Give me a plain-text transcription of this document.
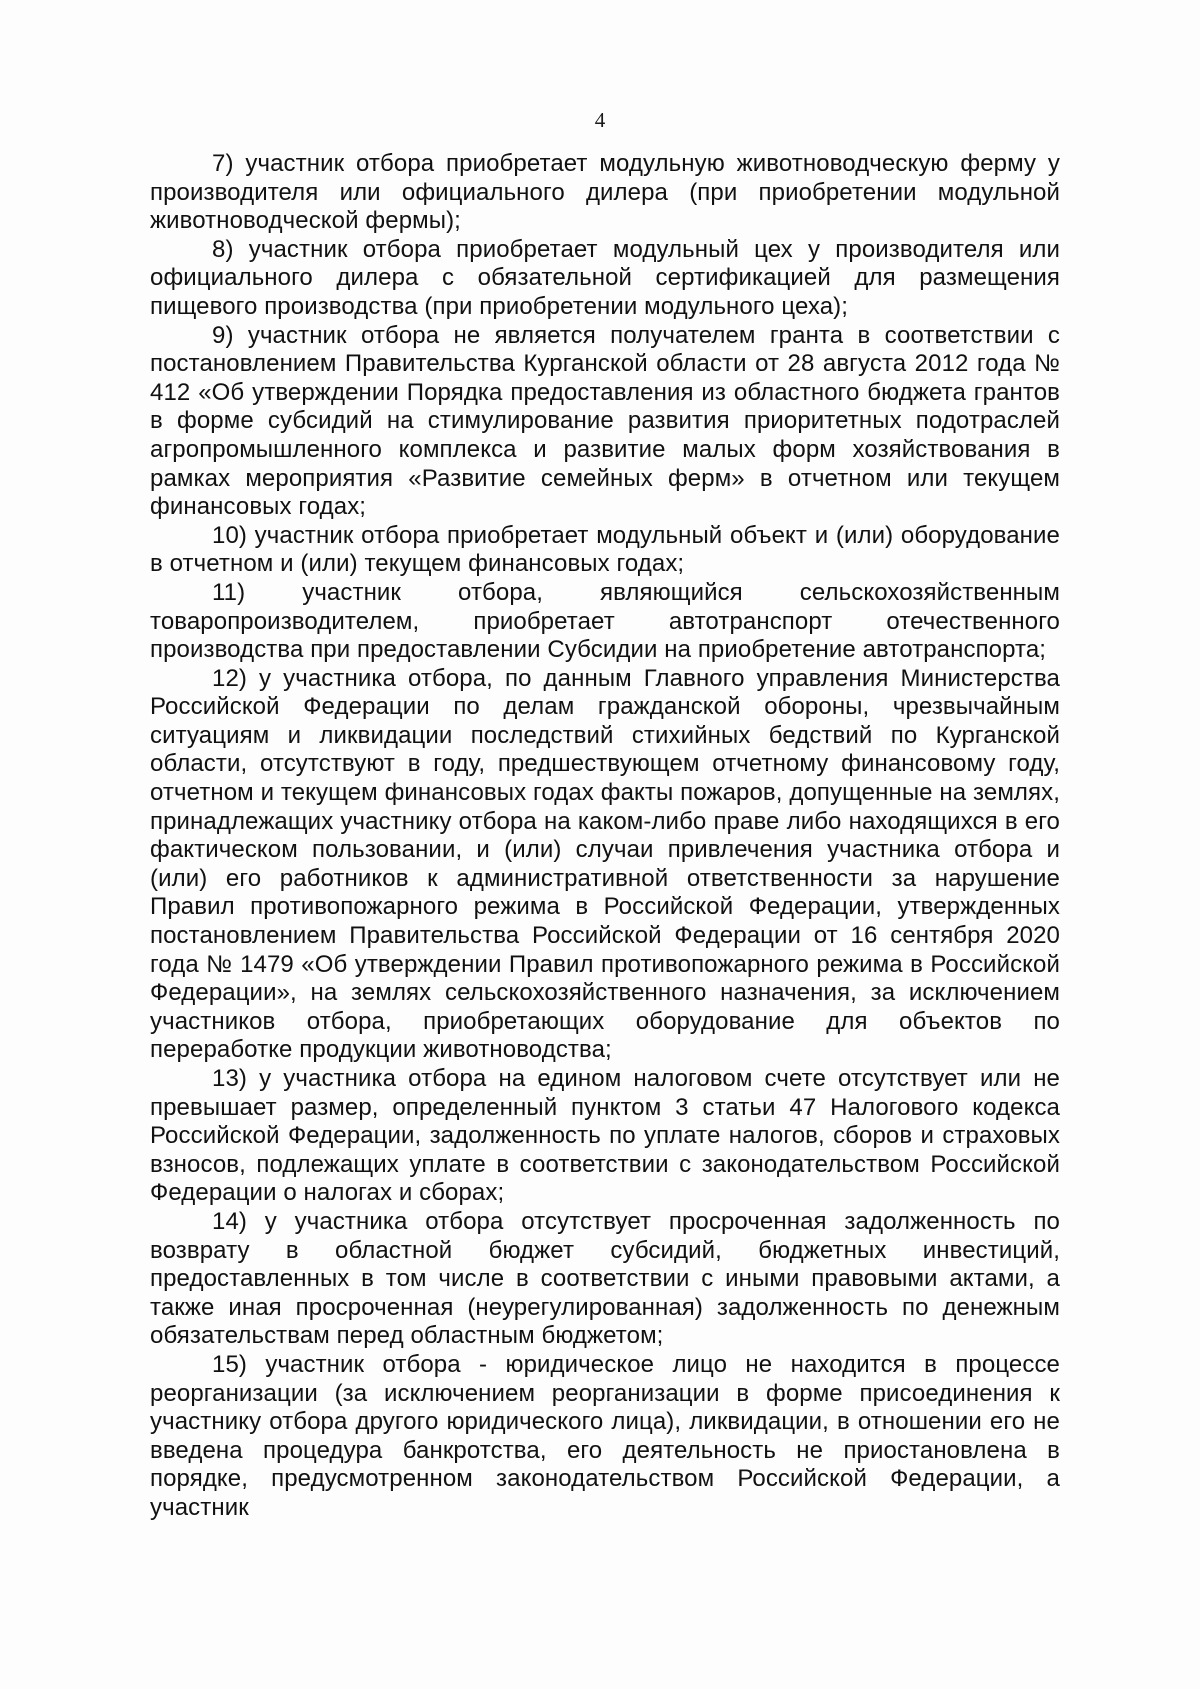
4

7) участник отбора приобретает модульную животноводческую ферму у производителя или официального дилера (при приобретении модульной животноводческой фермы);

8) участник отбора приобретает модульный цех у производителя или официального дилера с обязательной сертификацией для размещения пищевого производства (при приобретении модульного цеха);

9) участник отбора не является получателем гранта в соответствии с постановлением Правительства Курганской области от 28 августа 2012 года № 412 «Об утверждении Порядка предоставления из областного бюджета грантов в форме субсидий на стимулирование развития приоритетных подотраслей агропромышленного комплекса и развитие малых форм хозяйствования в рамках мероприятия «Развитие семейных ферм» в отчетном или текущем финансовых годах;

10) участник отбора приобретает модульный объект и (или) оборудование в отчетном и (или) текущем финансовых годах;

11) участник отбора, являющийся сельскохозяйственным товаропроизводителем, приобретает автотранспорт отечественного производства при предоставлении Субсидии на приобретение автотранспорта;

12) у участника отбора, по данным Главного управления Министерства Российской Федерации по делам гражданской обороны, чрезвычайным ситуациям и ликвидации последствий стихийных бедствий по Курганской области, отсутствуют в году, предшествующем отчетному финансовому году, отчетном и текущем финансовых годах факты пожаров, допущенные на землях, принадлежащих участнику отбора на каком-либо праве либо находящихся в его фактическом пользовании, и (или) случаи привлечения участника отбора и (или) его работников к административной ответственности за нарушение Правил противопожарного режима в Российской Федерации, утвержденных постановлением Правительства Российской Федерации от 16 сентября 2020 года № 1479 «Об утверждении Правил противопожарного режима в Российской Федерации», на землях сельскохозяйственного назначения, за исключением участников отбора, приобретающих оборудование для объектов по переработке продукции животноводства;

13) у участника отбора на едином налоговом счете отсутствует или не превышает размер, определенный пунктом 3 статьи 47 Налогового кодекса Российской Федерации, задолженность по уплате налогов, сборов и страховых взносов, подлежащих уплате в соответствии с законодательством Российской Федерации о налогах и сборах;

14) у участника отбора отсутствует просроченная задолженность по возврату в областной бюджет субсидий, бюджетных инвестиций, предоставленных в том числе в соответствии с иными правовыми актами, а также иная просроченная (неурегулированная) задолженность по денежным обязательствам перед областным бюджетом;

15) участник отбора - юридическое лицо не находится в процессе реорганизации (за исключением реорганизации в форме присоединения к участнику отбора другого юридического лица), ликвидации, в отношении его не введена процедура банкротства, его деятельность не приостановлена в порядке, предусмотренном законодательством Российской Федерации, а участник
